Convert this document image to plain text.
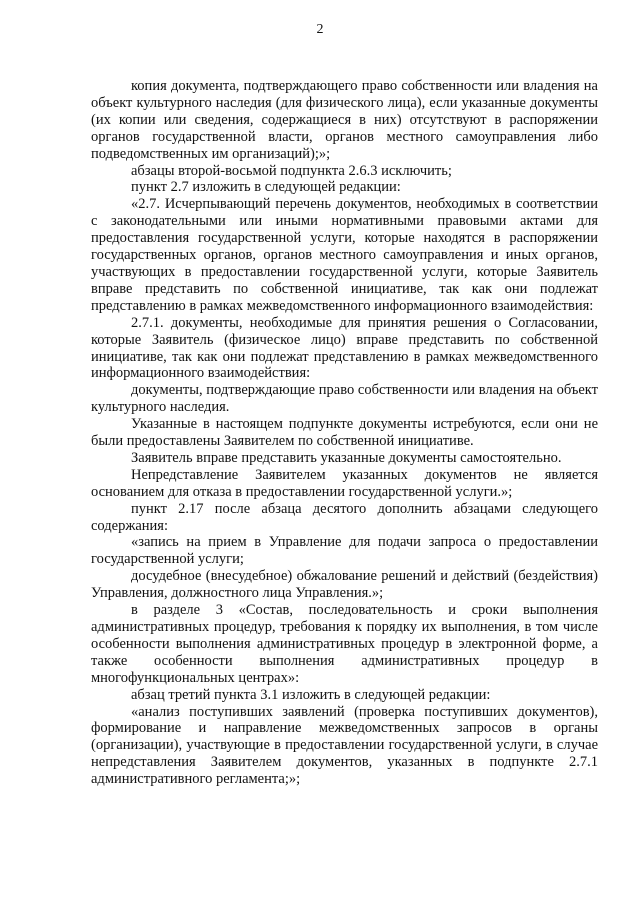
2

копия документа, подтверждающего право собственности или владения на объект культурного наследия (для физического лица), если указанные документы (их копии или сведения, содержащиеся в них) отсутствуют в распоряжении органов государственной власти, органов местного самоуправления либо подведомственных им организаций);»;

абзацы второй-восьмой подпункта 2.6.3 исключить;

пункт 2.7 изложить в следующей редакции:

«2.7. Исчерпывающий перечень документов, необходимых в соответствии с законодательными или иными нормативными правовыми актами для предоставления государственной услуги, которые находятся в распоряжении государственных органов, органов местного самоуправления и иных органов, участвующих в предоставлении государственной услуги, которые Заявитель вправе представить по собственной инициативе, так как они подлежат представлению в рамках межведомственного информационного взаимодействия:

2.7.1. документы, необходимые для принятия решения о Согласовании, которые Заявитель (физическое лицо) вправе представить по собственной инициативе, так как они подлежат представлению в рамках межведомственного информационного взаимодействия:

документы, подтверждающие право собственности или владения на объект культурного наследия.

Указанные в настоящем подпункте документы истребуются, если они не были предоставлены Заявителем по собственной инициативе.

Заявитель вправе представить указанные документы самостоятельно.

Непредставление Заявителем указанных документов не является основанием для отказа в предоставлении государственной услуги.»;

пункт 2.17 после абзаца десятого дополнить абзацами следующего содержания:

«запись на прием в Управление для подачи запроса о предоставлении государственной услуги;

досудебное (внесудебное) обжалование решений и действий (бездействия) Управления, должностного лица Управления.»;

в разделе 3 «Состав, последовательность и сроки выполнения административных процедур, требования к порядку их выполнения, в том числе особенности выполнения административных процедур в электронной форме, а также особенности выполнения административных процедур в многофункциональных центрах»:

абзац третий пункта 3.1 изложить в следующей редакции:

«анализ поступивших заявлений (проверка поступивших документов), формирование и направление межведомственных запросов в органы (организации), участвующие в предоставлении государственной услуги, в случае непредставления Заявителем документов, указанных в подпункте 2.7.1 административного регламента;»;
